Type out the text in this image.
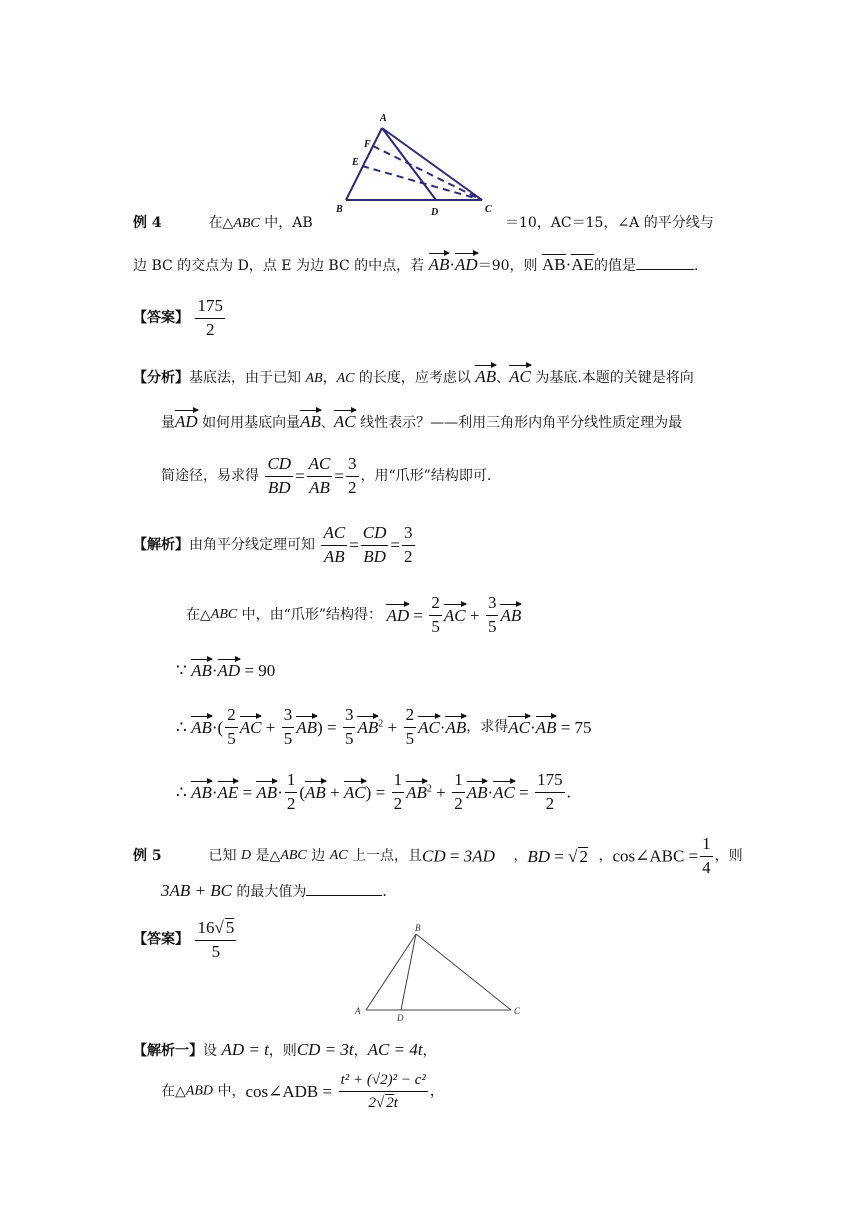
A
F
E
B	D	C
例 4	在△ABC 中，AB	＝10，AC＝15，∠A 的平分线与
边 BC 的交点为 D，点 E 为边 BC 的中点，若 AB·AD＝90，则 AB·AE的值是	.
【答案】 $\frac{175}{2}$
【分析】基底法，由于已知 AB，AC 的长度，应考虑以 AB、AC 为基底.本题的关键是将向
量AD 如何用基底向量AB、AC 线性表示？——利用三角形内角平分线性质定理为最
简途径，易求得 $\frac{CD}{BD} = \frac{AC}{AB} = \frac{3}{2}$ ，用“爪形”结构即可.
【解析】由角平分线定理可知 $\frac{AC}{AB} = \frac{CD}{BD} = \frac{3}{2}$
在△ABC 中，由“爪形”结构得： AD = $\frac{2}{5}$ AC + $\frac{3}{5}$ AB
∵ AB·AD = 90
∴ $AB\cdot( \frac{2}{5}$ AC + $\frac{3}{5} AB) = \frac{3}{5} AB^2 + \frac{2}{5} AC\cdot AB$，求得AC·AB = 75
∴ $AB\cdot AE = AB\cdot \frac{1}{2} (AB + AC) = \frac{1}{2} AB^2 + \frac{1}{2} AB\cdot AC = \frac{175}{2}$ .
例 5	已知 D 是△ABC 边 AC 上一点，且CD = 3AD ，BD = √ 2 ，cos∠ABC = $\frac{1}{4}$ ，则
3AB + BC 的最大值为	.
【答案】 $\frac{16√ 5}{5}$	B
A
D
C
【解析一】设 AD = t，则CD = 3t，AC = 4t，
在△ABD 中，cos∠ADB = $\frac{\text{t² + (√2)² − c²}}{2√ 2t}$ ，
